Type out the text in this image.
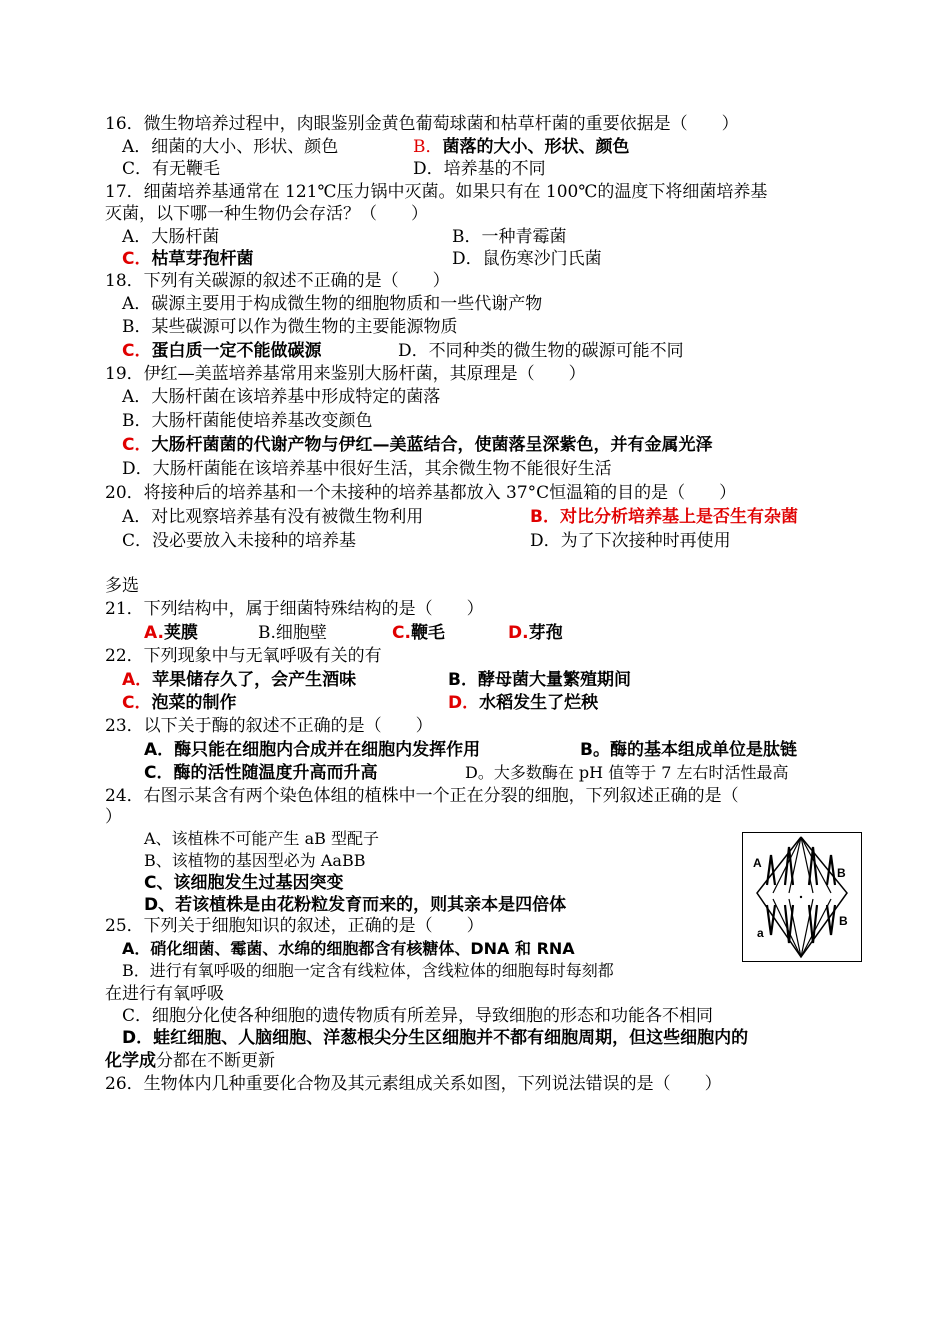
16．微生物培养过程中，肉眼鉴别金黄色葡萄球菌和枯草杆菌的重要依据是（　　）
A．细菌的大小、形状、颜色	B．菌落的大小、形状、颜色
C．有无鞭毛	D．培养基的不同
17．细菌培养基通常在 121℃压力锅中灭菌。如果只有在 100℃的温度下将细菌培养基
灭菌，以下哪一种生物仍会存活？（　　）
A．大肠杆菌	B．一种青霉菌
C．枯草芽孢杆菌	D．鼠伤寒沙门氏菌
18．下列有关碳源的叙述不正确的是（　　）
A．碳源主要用于构成微生物的细胞物质和一些代谢产物
B．某些碳源可以作为微生物的主要能源物质
C．蛋白质一定不能做碳源	D．不同种类的微生物的碳源可能不同
19．伊红—美蓝培养基常用来鉴别大肠杆菌，其原理是（　　）
A．大肠杆菌在该培养基中形成特定的菌落
B．大肠杆菌能使培养基改变颜色
C．大肠杆菌菌的代谢产物与伊红—美蓝结合，使菌落呈深紫色，并有金属光泽
D．大肠杆菌能在该培养基中很好生活，其余微生物不能很好生活
20．将接种后的培养基和一个未接种的培养基都放入 37°C恒温箱的目的是（　　）
A．对比观察培养基有没有被微生物利用	B．对比分析培养基上是否生有杂菌
C．没必要放入未接种的培养基	D．为了下次接种时再使用
多选
21．下列结构中，属于细菌特殊结构的是（　　）
A.荚膜	B.细胞壁	C.鞭毛	D.芽孢
22．下列现象中与无氧呼吸有关的有
A．苹果储存久了，会产生酒味	B．酵母菌大量繁殖期间
C．泡菜的制作	D．水稻发生了烂秧
23．以下关于酶的叙述不正确的是（　　）
A．酶只能在细胞内合成并在细胞内发挥作用	B。酶的基本组成单位是肽链
C．酶的活性随温度升高而升高	D。大多数酶在 pH 值等于 7 左右时活性最高
24．右图示某含有两个染色体组的植株中一个正在分裂的细胞，下列叙述正确的是（
）
A、该植株不可能产生 aB 型配子
B、该植物的基因型必为 AaBB
C、该细胞发生过基因突变
D、若该植株是由花粉粒发育而来的，则其亲本是四倍体
A
B
B
a
25．下列关于细胞知识的叙述，正确的是（　　）
A．硝化细菌、霉菌、水绵的细胞都含有核糖体、DNA 和 RNA
B．进行有氧呼吸的细胞一定含有线粒体，含线粒体的细胞每时每刻都
在进行有氧呼吸
C．细胞分化使各种细胞的遗传物质有所差异，导致细胞的形态和功能各不相同
D．蛙红细胞、人脑细胞、洋葱根尖分生区细胞并不都有细胞周期，但这些细胞内的
化学成分都在不断更新
26．生物体内几种重要化合物及其元素组成关系如图，下列说法错误的是（　　）
